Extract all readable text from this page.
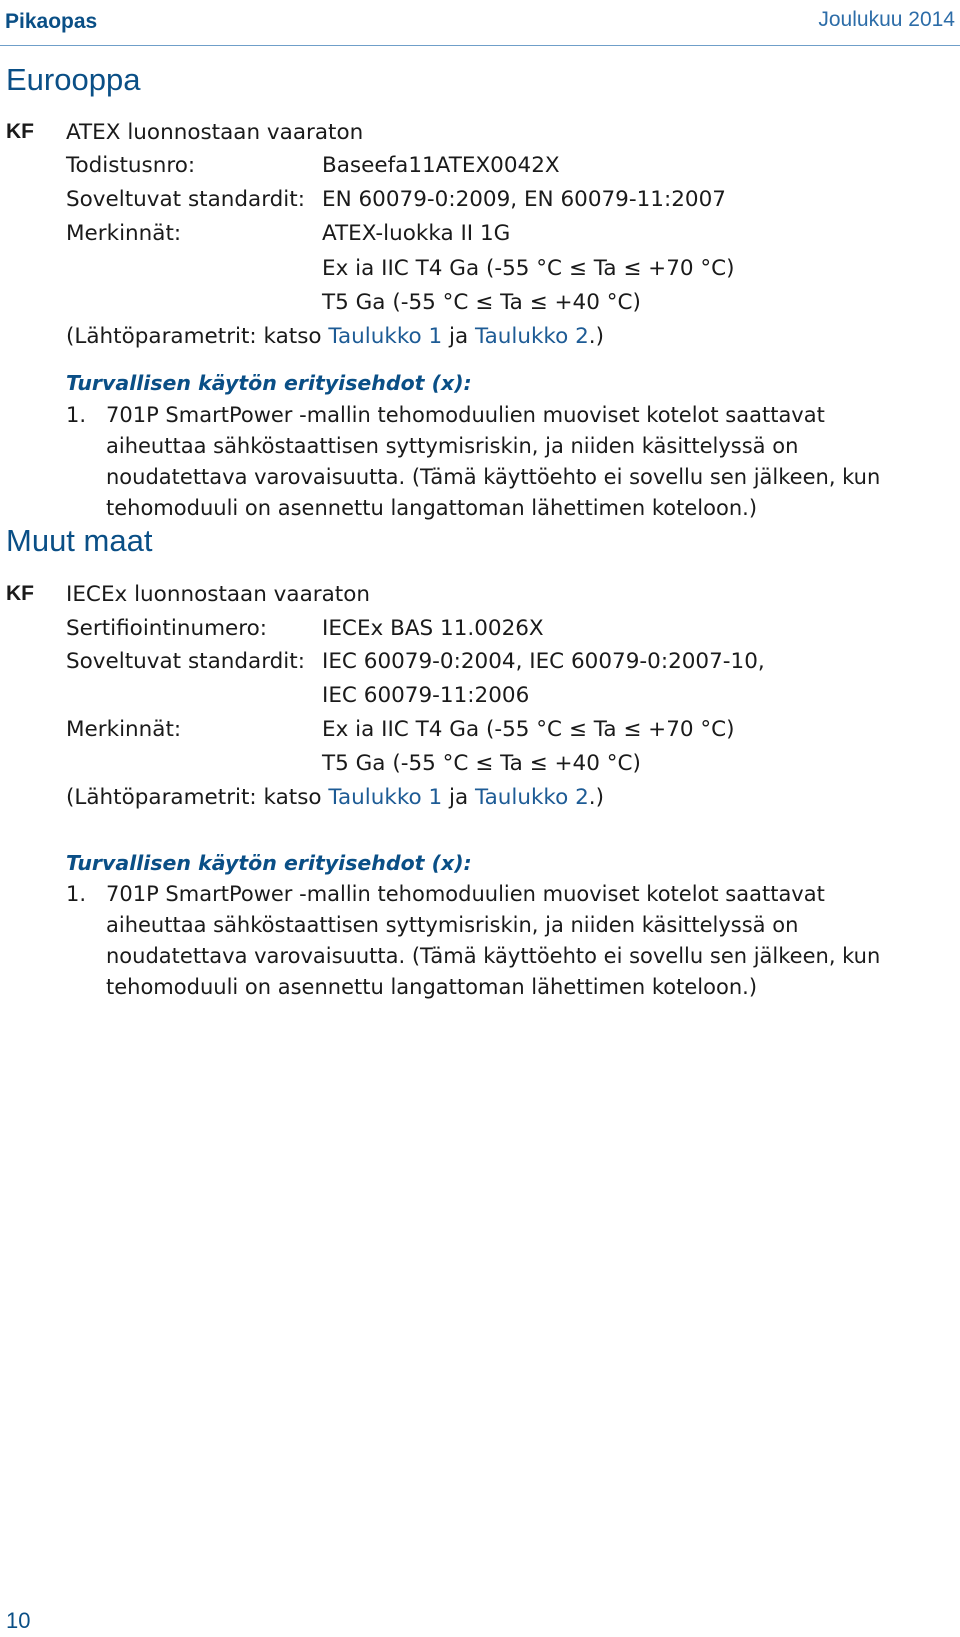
Pikaopas	Joulukuu 2014
Eurooppa
KF ATEX luonnostaan vaaraton
Todistusnro:	Baseefa11ATEX0042X
Soveltuvat standardit: EN 60079-0:2009, EN 60079-11:2007
Merkinnät:	ATEX-luokka II 1G
Ex ia IIC T4 Ga (-55 °C ≤ Ta ≤ +70 °C)
T5 Ga (-55 °C ≤ Ta ≤ +40 °C)
(Lähtöparametrit: katso Taulukko 1 ja Taulukko 2.)
Turvallisen käytön erityisehdot (x):
1. 701P SmartPower -mallin tehomoduulien muoviset kotelot saattavat aiheuttaa sähköstaattisen syttymisriskin, ja niiden käsittelyssä on noudatettava varovaisuutta. (Tämä käyttöehto ei sovellu sen jälkeen, kun tehomoduuli on asennettu langattoman lähettimen koteloon.)
Muut maat
KF IECEx luonnostaan vaaraton
Sertifiointinumero:	IECEx BAS 11.0026X
Soveltuvat standardit: IEC 60079-0:2004, IEC 60079-0:2007-10,
IEC 60079-11:2006
Merkinnät:	Ex ia IIC T4 Ga (-55 °C ≤ Ta ≤ +70 °C)
T5 Ga (-55 °C ≤ Ta ≤ +40 °C)
(Lähtöparametrit: katso Taulukko 1 ja Taulukko 2.)
Turvallisen käytön erityisehdot (x):
1. 701P SmartPower -mallin tehomoduulien muoviset kotelot saattavat aiheuttaa sähköstaattisen syttymisriskin, ja niiden käsittelyssä on noudatettava varovaisuutta. (Tämä käyttöehto ei sovellu sen jälkeen, kun tehomoduuli on asennettu langattoman lähettimen koteloon.)
10
